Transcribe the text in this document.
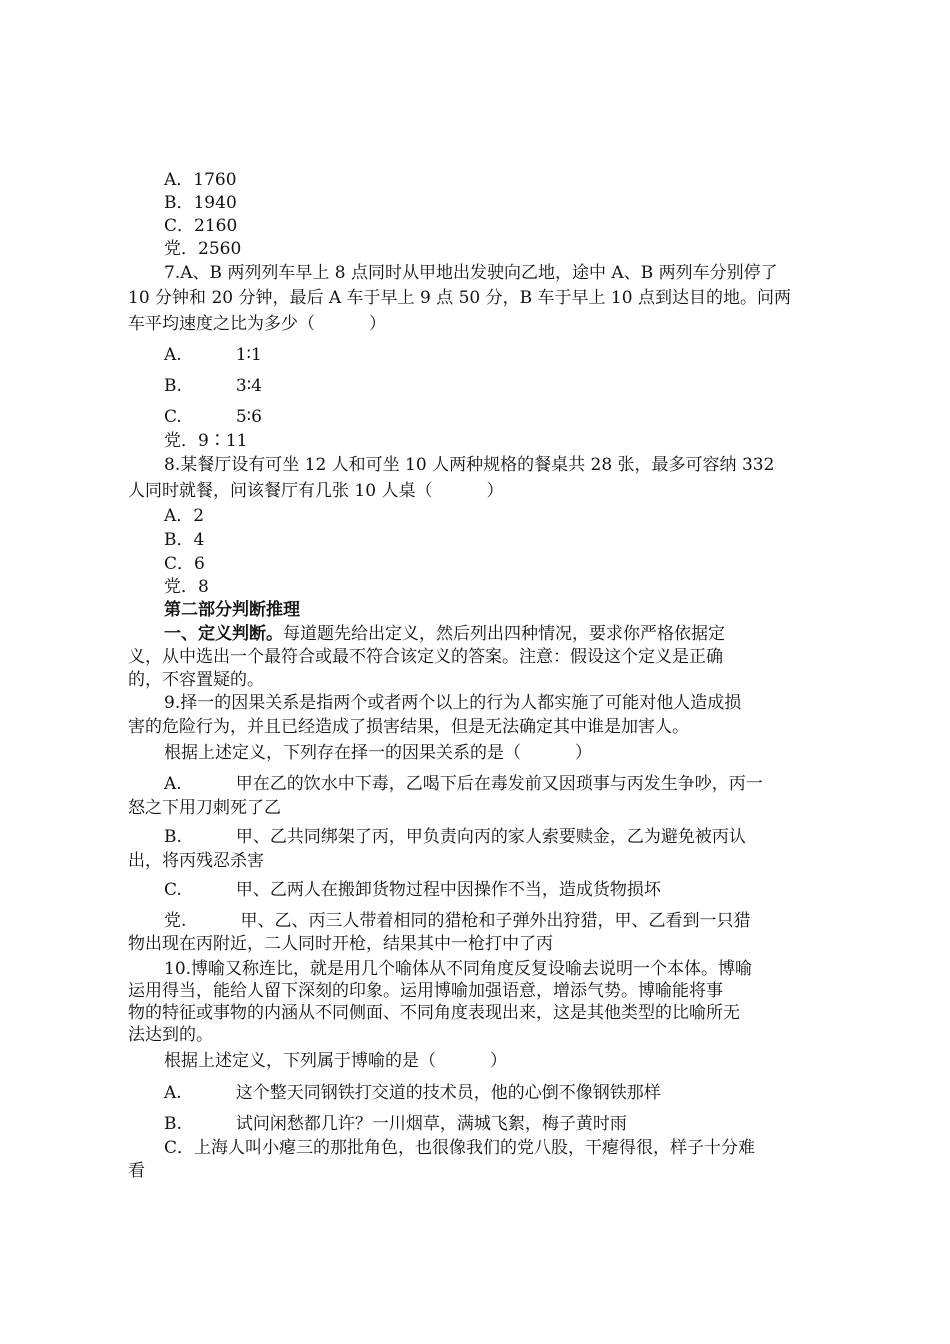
A．1760

B．1940

C．2160

党．2560

7.A、B 两列列车早上 8 点同时从甲地出发驶向乙地，途中 A、B 两列车分别停了

10 分钟和 20 分钟，最后 A 车于早上 9 点 50 分，B 车于早上 10 点到达目的地。问两

车平均速度之比为多少（          ）

A.          1∶1

B.          3∶4

C.          5∶6

党．9∶11

8.某餐厅设有可坐 12 人和可坐 10 人两种规格的餐桌共 28 张，最多可容纳 332

人同时就餐，问该餐厅有几张 10 人桌（          ）

A．2

B．4

C．6

党．8

第二部分判断推理

一、定义判断。每道题先给出定义，然后列出四种情况，要求你严格依据定

义，从中选出一个最符合或最不符合该定义的答案。注意：假设这个定义是正确

的，不容置疑的。

9.择一的因果关系是指两个或者两个以上的行为人都实施了可能对他人造成损

害的危险行为，并且已经造成了损害结果，但是无法确定其中谁是加害人。

根据上述定义，下列存在择一的因果关系的是（          ）

A.          甲在乙的饮水中下毒，乙喝下后在毒发前又因琐事与丙发生争吵，丙一

怒之下用刀刺死了乙

B.          甲、乙共同绑架了丙，甲负责向丙的家人索要赎金，乙为避免被丙认

出，将丙残忍杀害

C.          甲、乙两人在搬卸货物过程中因操作不当，造成货物损坏

党.          甲、乙、丙三人带着相同的猎枪和子弹外出狩猎，甲、乙看到一只猎

物出现在丙附近，二人同时开枪，结果其中一枪打中了丙

10.博喻又称连比，就是用几个喻体从不同角度反复设喻去说明一个本体。博喻

运用得当，能给人留下深刻的印象。运用博喻加强语意，增添气势。博喻能将事

物的特征或事物的内涵从不同侧面、不同角度表现出来，这是其他类型的比喻所无

法达到的。

根据上述定义，下列属于博喻的是（          ）

A.          这个整天同钢铁打交道的技术员，他的心倒不像钢铁那样

B.          试问闲愁都几许？一川烟草，满城飞絮，梅子黄时雨

C．上海人叫小瘪三的那批角色，也很像我们的党八股，干瘪得很，样子十分难

看
